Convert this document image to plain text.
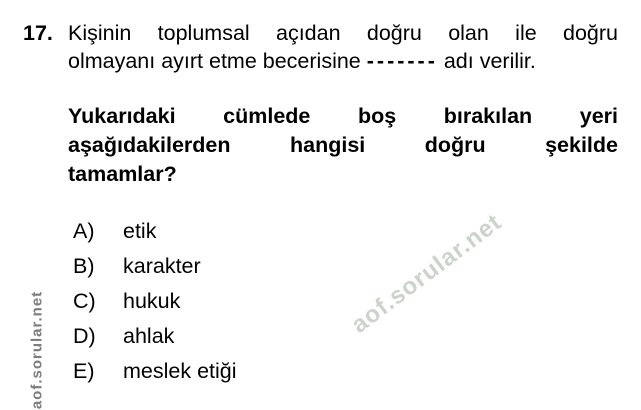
aof.sorular.net
aof.sorular.net
17. Kişinin toplumsal açıdan doğru olan ile doğru
olmayanı ayırt etme becerisine ------- adı verilir.
Yukarıdaki cümlede boş bırakılan yeri
aşağıdakilerden hangisi doğru şekilde
tamamlar?
A)	etik
B)	karakter
C)	hukuk
D)	ahlak
E)	meslek etiği
